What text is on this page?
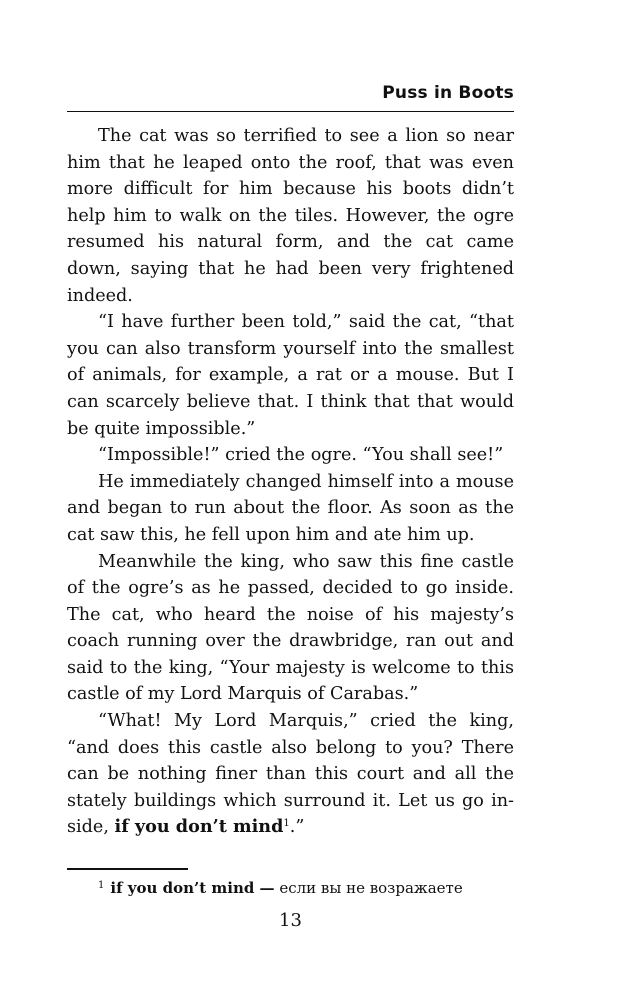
Puss in Boots

The cat was so terrified to see a lion so near him that he leaped onto the roof, that was even more difficult for him because his boots didn’t help him to walk on the tiles. However, the ogre resumed his natural form, and the cat came down, saying that he had been very frightened indeed.

“I have further been told,” said the cat, “that you can also transform yourself into the smallest of animals, for example, a rat or a mouse. But I can scarcely believe that. I think that that would be quite impossible.”

“Impossible!” cried the ogre. “You shall see!”

He immediately changed himself into a mouse and began to run about the floor. As soon as the cat saw this, he fell upon him and ate him up.

Meanwhile the king, who saw this fine castle of the ogre’s as he passed, decided to go inside. The cat, who heard the noise of his majesty’s coach running over the drawbridge, ran out and said to the king, “Your majesty is welcome to this castle of my Lord Marquis of Carabas.”

“What! My Lord Marquis,” cried the king, “and does this castle also belong to you? There can be nothing finer than this court and all the stately buildings which surround it. Let us go inside, if you don’t mind$^1$.”

$^1$ if you don’t mind — если вы не возражаете
13
